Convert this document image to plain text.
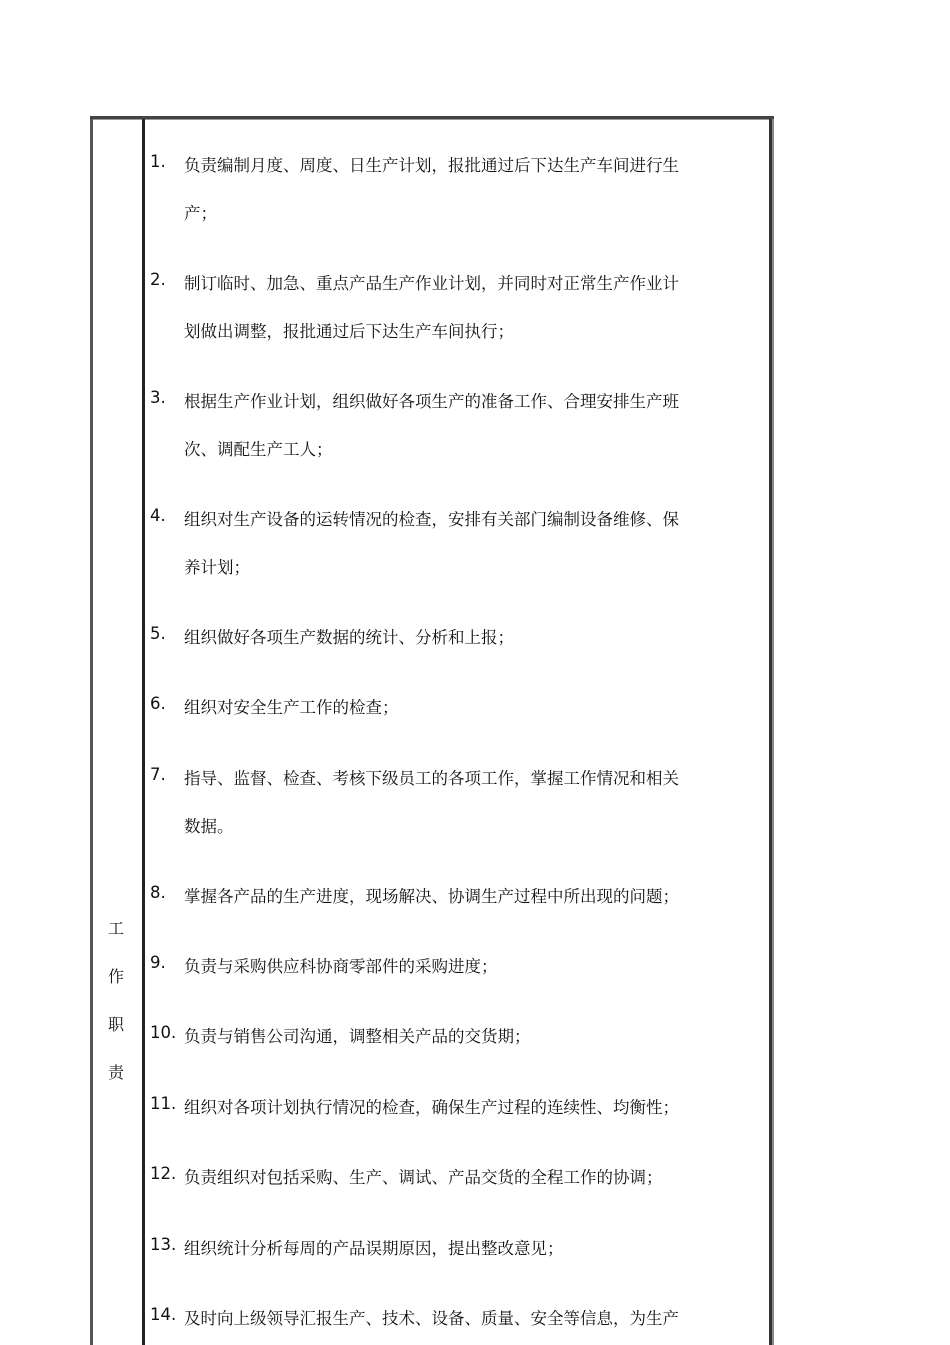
工
作
职
责
1. 负责编制月度、周度、日生产计划，报批通过后下达生产车间进行生
产；
2. 制订临时、加急、重点产品生产作业计划，并同时对正常生产作业计
划做出调整，报批通过后下达生产车间执行；
3. 根据生产作业计划，组织做好各项生产的准备工作、合理安排生产班
次、调配生产工人；
4. 组织对生产设备的运转情况的检查，安排有关部门编制设备维修、保
养计划；
5. 组织做好各项生产数据的统计、分析和上报；
6. 组织对安全生产工作的检查；
7. 指导、监督、检查、考核下级员工的各项工作，掌握工作情况和相关
数据。
8. 掌握各产品的生产进度，现场解决、协调生产过程中所出现的问题；
9. 负责与采购供应科协商零部件的采购进度；
10. 负责与销售公司沟通，调整相关产品的交货期；
11. 组织对各项计划执行情况的检查，确保生产过程的连续性、均衡性；
12. 负责组织对包括采购、生产、调试、产品交货的全程工作的协调；
13. 组织统计分析每周的产品误期原因，提出整改意见；
14. 及时向上级领导汇报生产、技术、设备、质量、安全等信息，为生产
